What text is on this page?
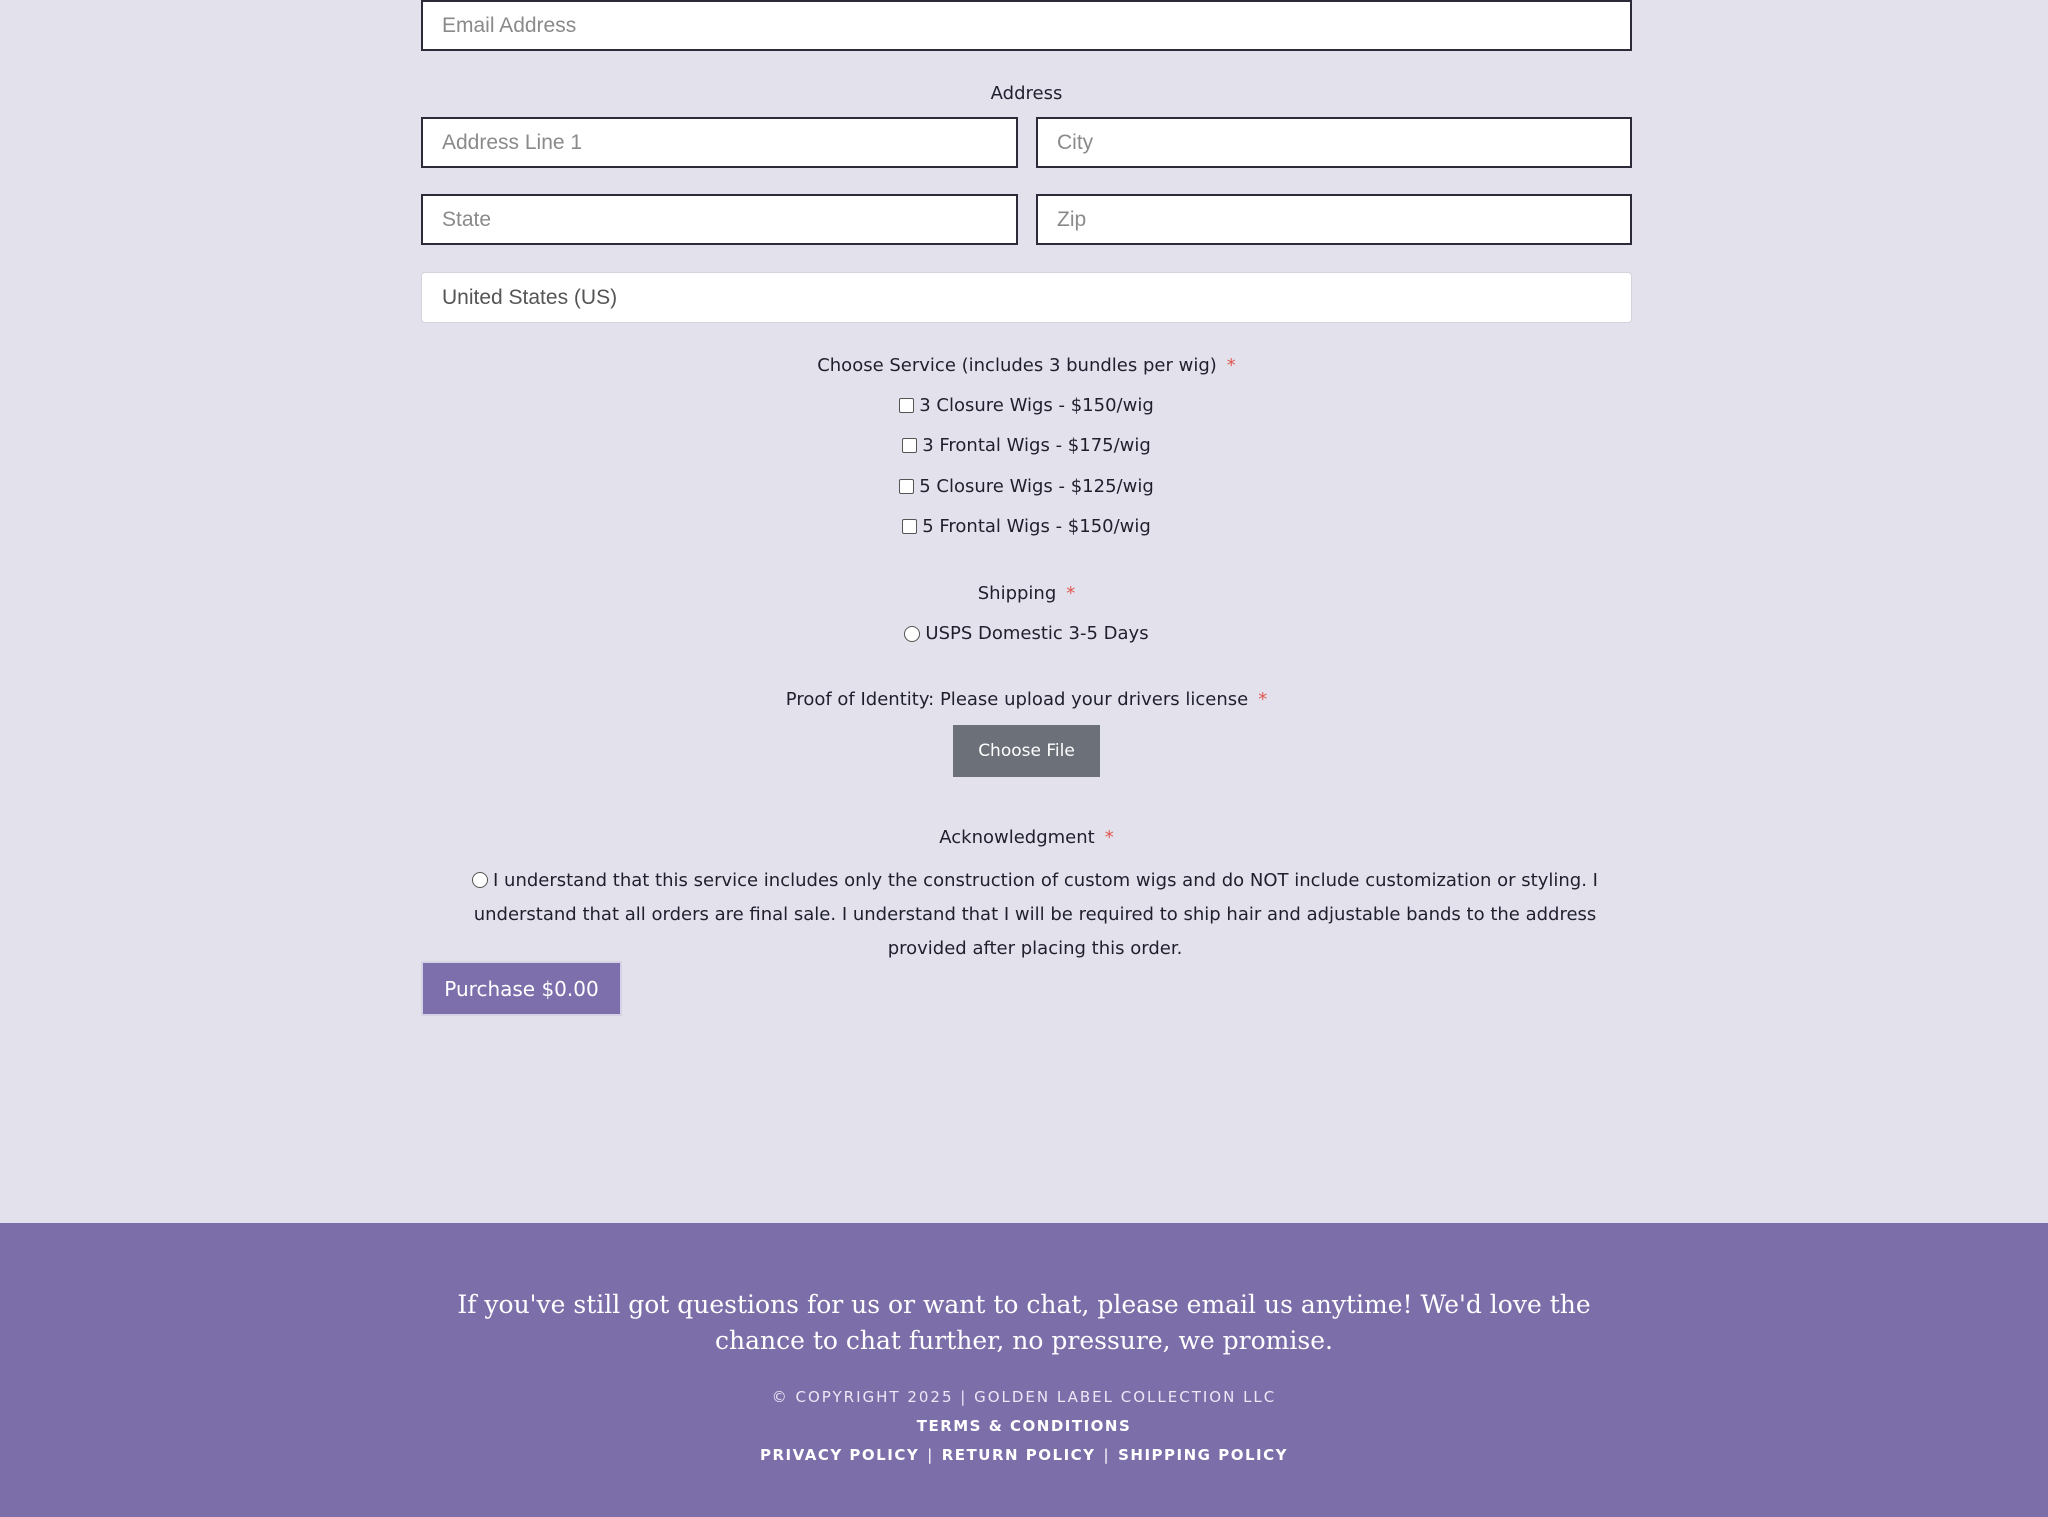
Email Address
Address
Address Line 1
City
State
Zip
United States (US)
Choose Service (includes 3 bundles per wig) *
3 Closure Wigs - $150/wig
3 Frontal Wigs - $175/wig
5 Closure Wigs - $125/wig
5 Frontal Wigs - $150/wig
Shipping *
USPS Domestic 3-5 Days
Proof of Identity: Please upload your drivers license *
Choose File
Acknowledgment *
I understand that this service includes only the construction of custom wigs and do NOT include customization or styling. I understand that all orders are final sale. I understand that I will be required to ship hair and adjustable bands to the address provided after placing this order.
Purchase $0.00
If you've still got questions for us or want to chat, please email us anytime! We'd love the chance to chat further, no pressure, we promise.
© COPYRIGHT 2025 | GOLDEN LABEL COLLECTION LLC
TERMS & CONDITIONS
PRIVACY POLICY | RETURN POLICY | SHIPPING POLICY
